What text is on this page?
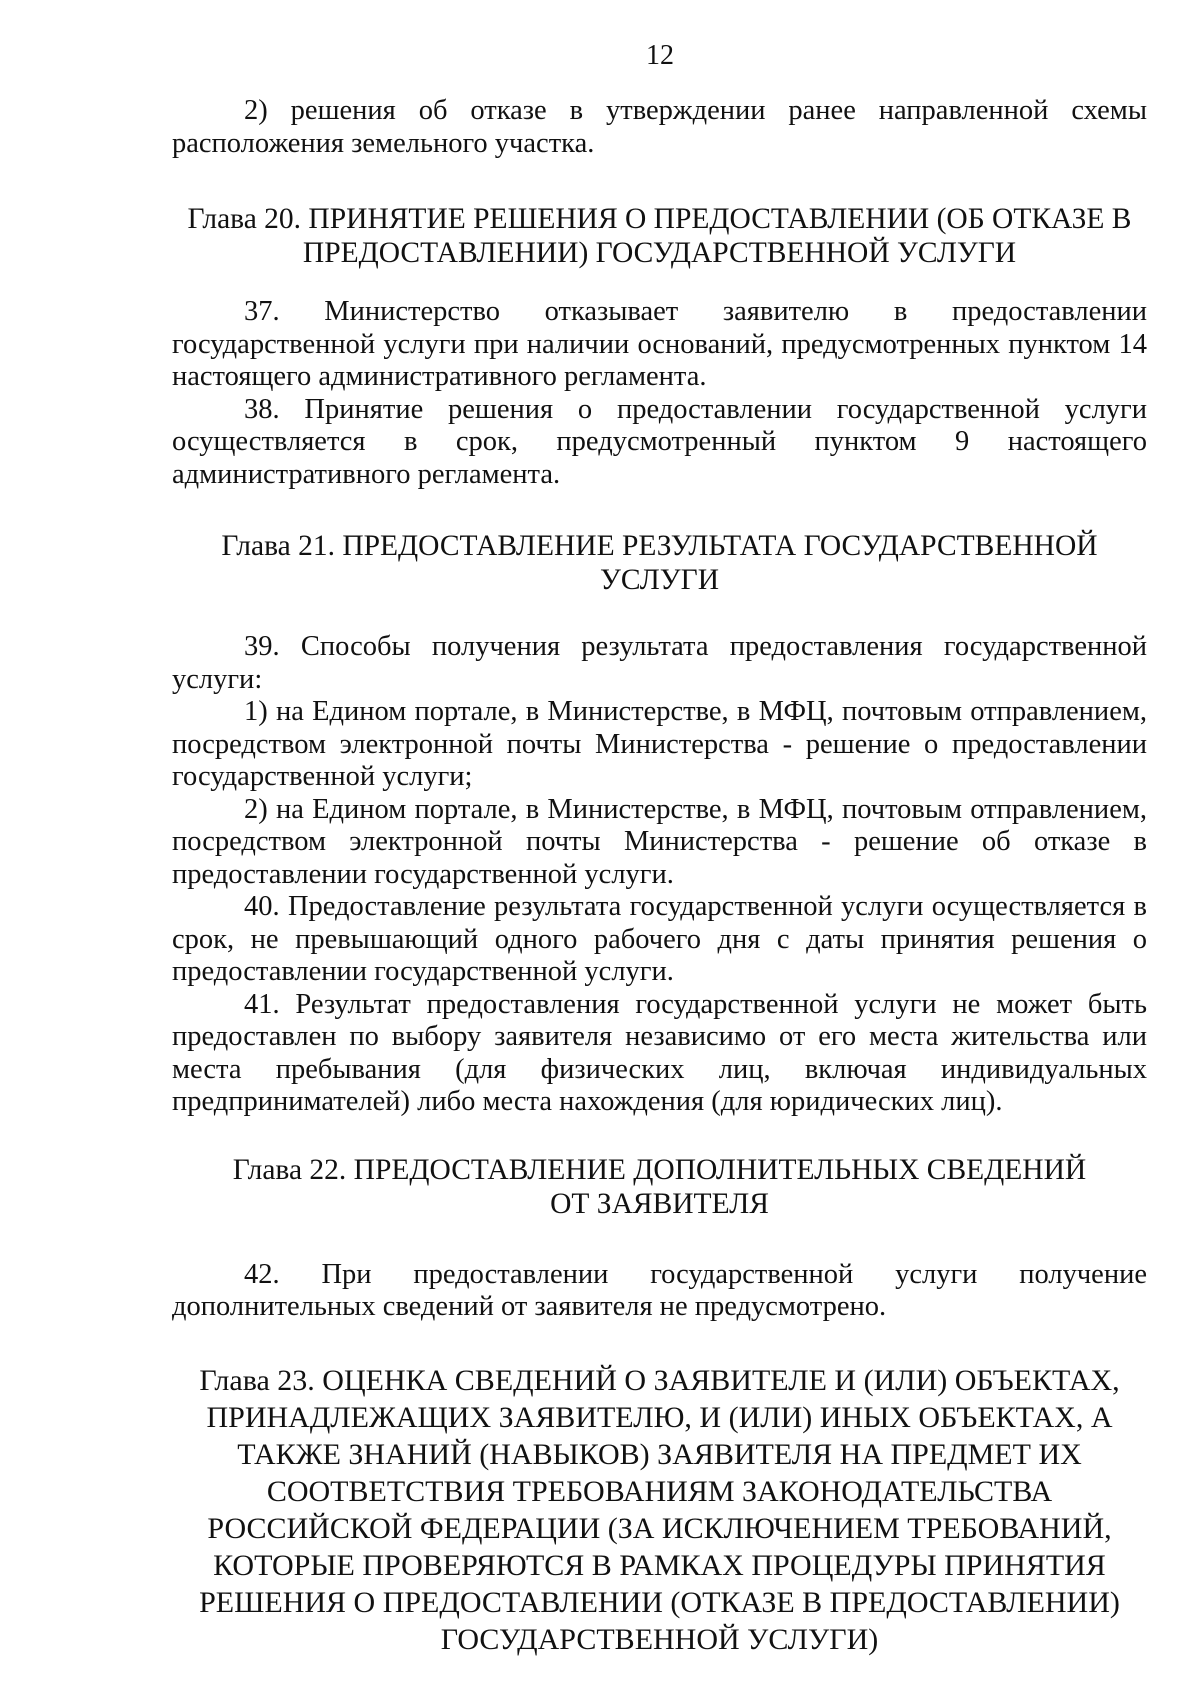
12

2) решения об отказе в утверждении ранее направленной схемы расположения земельного участка.

Глава 20. ПРИНЯТИЕ РЕШЕНИЯ О ПРЕДОСТАВЛЕНИИ (ОБ ОТКАЗЕ В ПРЕДОСТАВЛЕНИИ) ГОСУДАРСТВЕННОЙ УСЛУГИ

37. Министерство отказывает заявителю в предоставлении государственной услуги при наличии оснований, предусмотренных пунктом 14 настоящего административного регламента.

38. Принятие решения о предоставлении государственной услуги осуществляется в срок, предусмотренный пунктом 9 настоящего административного регламента.

Глава 21. ПРЕДОСТАВЛЕНИЕ РЕЗУЛЬТАТА ГОСУДАРСТВЕННОЙ УСЛУГИ

39. Способы получения результата предоставления государственной услуги:

1) на Едином портале, в Министерстве, в МФЦ, почтовым отправлением, посредством электронной почты Министерства - решение о предоставлении государственной услуги;

2) на Едином портале, в Министерстве, в МФЦ, почтовым отправлением, посредством электронной почты Министерства - решение об отказе в предоставлении государственной услуги.

40. Предоставление результата государственной услуги осуществляется в срок, не превышающий одного рабочего дня с даты принятия решения о предоставлении государственной услуги.

41. Результат предоставления государственной услуги не может быть предоставлен по выбору заявителя независимо от его места жительства или места пребывания (для физических лиц, включая индивидуальных предпринимателей) либо места нахождения (для юридических лиц).

Глава 22. ПРЕДОСТАВЛЕНИЕ ДОПОЛНИТЕЛЬНЫХ СВЕДЕНИЙ ОТ ЗАЯВИТЕЛЯ

42. При предоставлении государственной услуги получение дополнительных сведений от заявителя не предусмотрено.

Глава 23. ОЦЕНКА СВЕДЕНИЙ О ЗАЯВИТЕЛЕ И (ИЛИ) ОБЪЕКТАХ, ПРИНАДЛЕЖАЩИХ ЗАЯВИТЕЛЮ, И (ИЛИ) ИНЫХ ОБЪЕКТАХ, А ТАКЖЕ ЗНАНИЙ (НАВЫКОВ) ЗАЯВИТЕЛЯ НА ПРЕДМЕТ ИХ СООТВЕТСТВИЯ ТРЕБОВАНИЯМ ЗАКОНОДАТЕЛЬСТВА РОССИЙСКОЙ ФЕДЕРАЦИИ (ЗА ИСКЛЮЧЕНИЕМ ТРЕБОВАНИЙ, КОТОРЫЕ ПРОВЕРЯЮТСЯ В РАМКАХ ПРОЦЕДУРЫ ПРИНЯТИЯ РЕШЕНИЯ О ПРЕДОСТАВЛЕНИИ (ОТКАЗЕ В ПРЕДОСТАВЛЕНИИ) ГОСУДАРСТВЕННОЙ УСЛУГИ)
